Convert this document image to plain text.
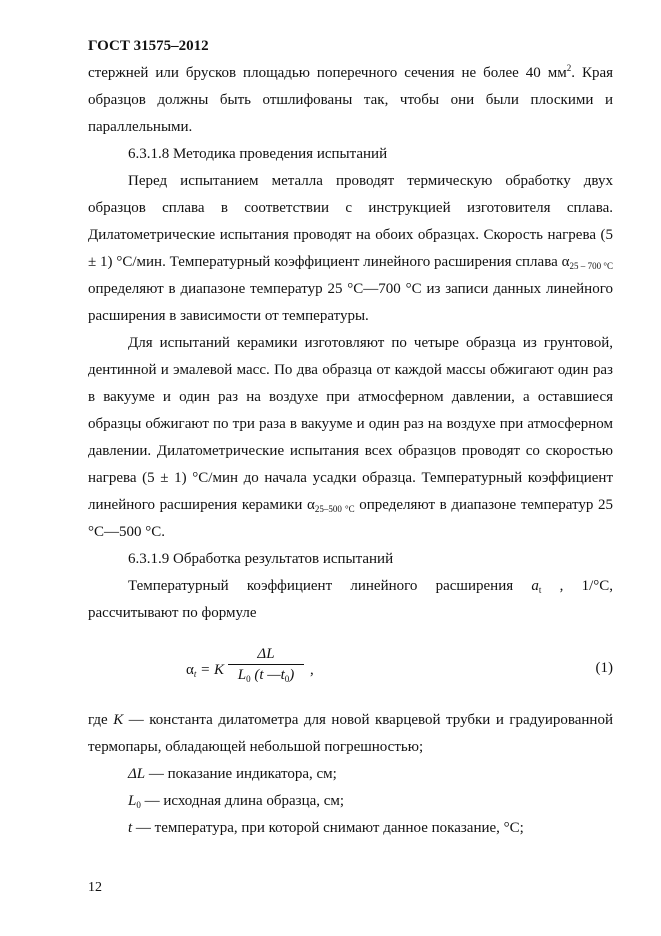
ГОСТ 31575–2012

стержней или брусков площадью поперечного сечения не более 40 $мм^2$. Края образцов должны быть отшлифованы так, чтобы они были плоскими и параллельными.

6.3.1.8 Методика проведения испытаний

Перед испытанием металла проводят термическую обработку двух образцов сплава в соответствии с инструкцией изготовителя сплава. Дилатометрические испытания проводят на обоих образцах. Скорость нагрева (5 ± 1) °С/мин. Температурный коэффициент линейного расширения сплава $\alpha_{25 - 700 ^\circ С}$ определяют в диапазоне температур 25 °С—700 °С из записи данных линейного расширения в зависимости от температуры.

Для испытаний керамики изготовляют по четыре образца из грунтовой, дентинной и эмалевой масс. По два образца от каждой массы обжигают один раз в вакууме и один раз на воздухе при атмосферном давлении, а оставшиеся образцы обжигают по три раза в вакууме и один раз на воздухе при атмосферном давлении. Дилатометрические испытания всех образцов проводят со скоростью нагрева (5 ± 1) °С/мин до начала усадки образца. Температурный коэффициент линейного расширения керамики $\alpha_{25-500 ^\circ С}$ определяют в диапазоне температур 25 °С—500 °С.

6.3.1.9 Обработка результатов испытаний

Температурный коэффициент линейного расширения $a_t$ , 1/°С, рассчитывают по формуле

$\alpha_t = K \frac{\Delta L}{L_0 (t —t_0)}$ ,	(1)

где K — константа дилатометра для новой кварцевой трубки и градуированной термопары, обладающей небольшой погрешностью;

ΔL — показание индикатора, см;

$L_0$ — исходная длина образца, см;

t — температура, при которой снимают данное показание, °С;

12
